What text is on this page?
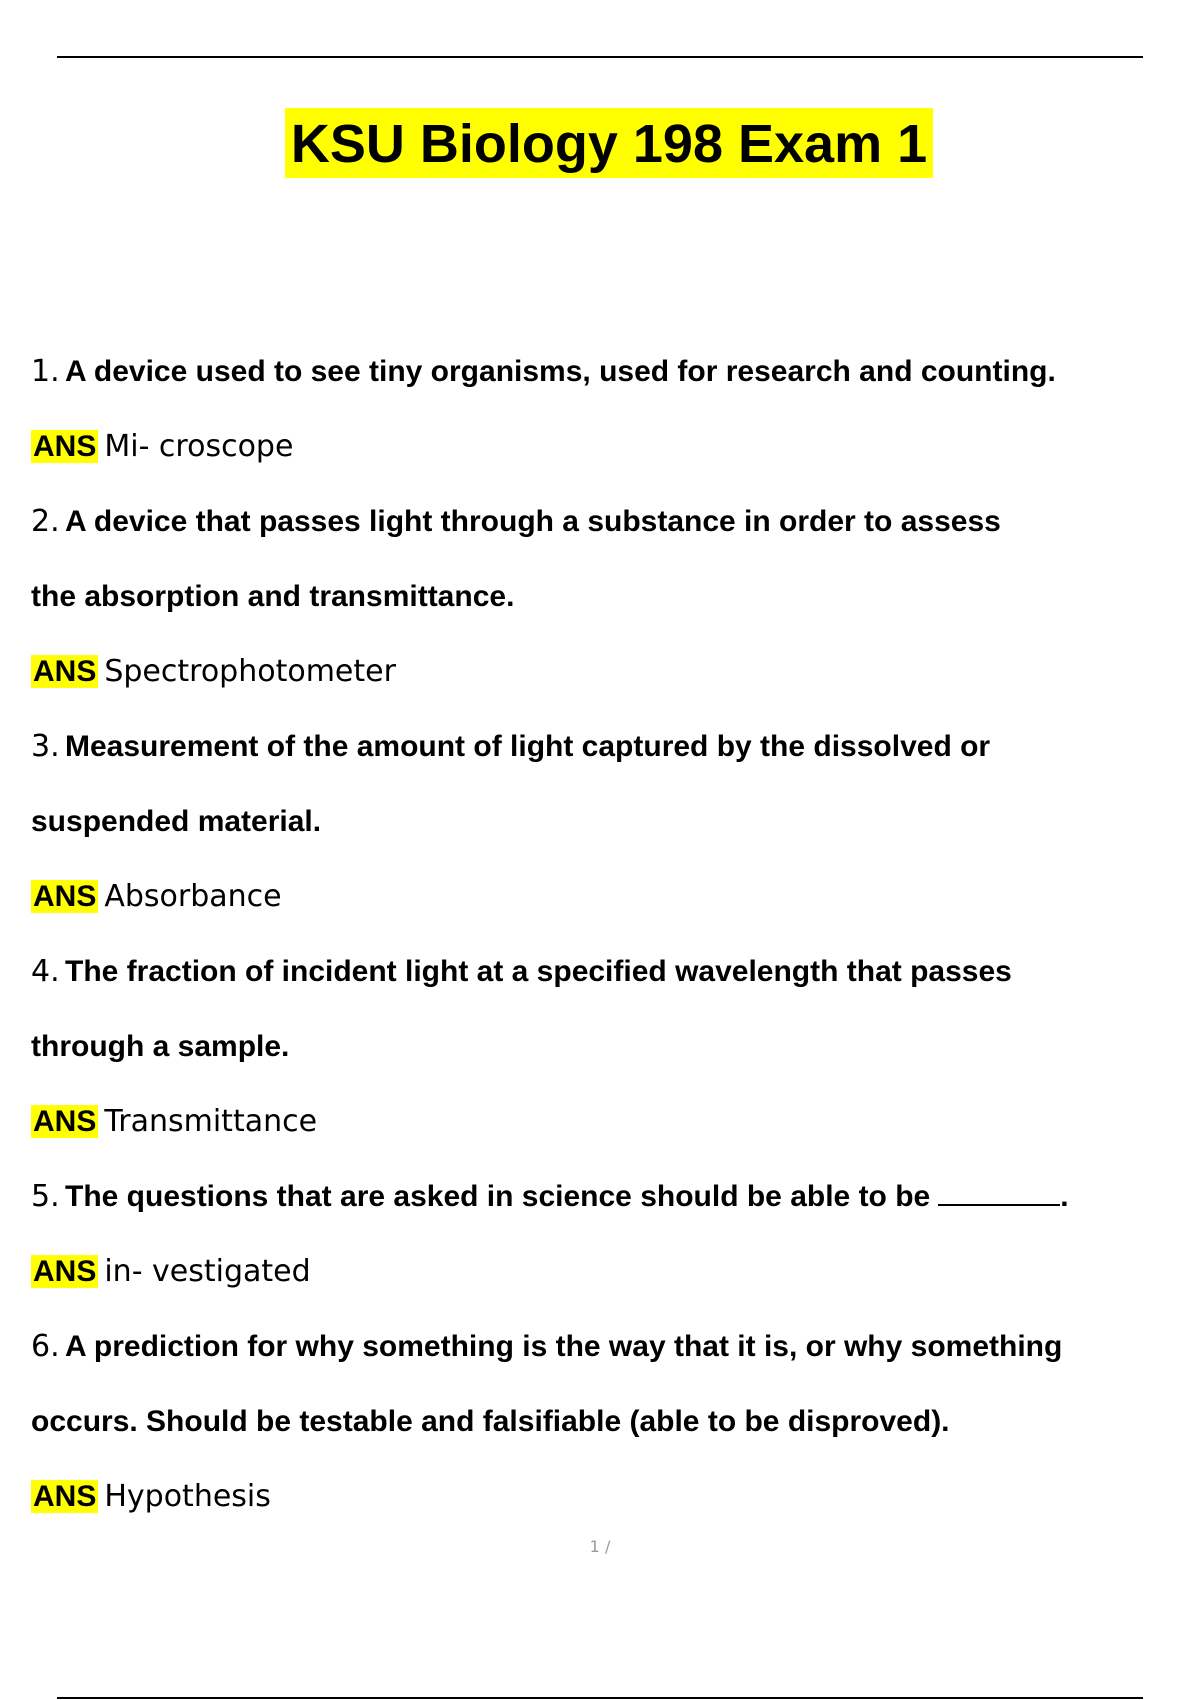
KSU Biology 198 Exam 1
1. A device used to see tiny organisms, used for research and counting.
ANS Mi- croscope
2. A device that passes light through a substance in order to assess
the absorption and transmittance.
ANS Spectrophotometer
3. Measurement of the amount of light captured by the dissolved or
suspended material.
ANS Absorbance
4. The fraction of incident light at a specified wavelength that passes
through a sample.
ANS Transmittance
5. The questions that are asked in science should be able to be	.
ANS in- vestigated
6. A prediction for why something is the way that it is, or why something
occurs. Should be testable and falsifiable (able to be disproved).
ANS Hypothesis
1 /
